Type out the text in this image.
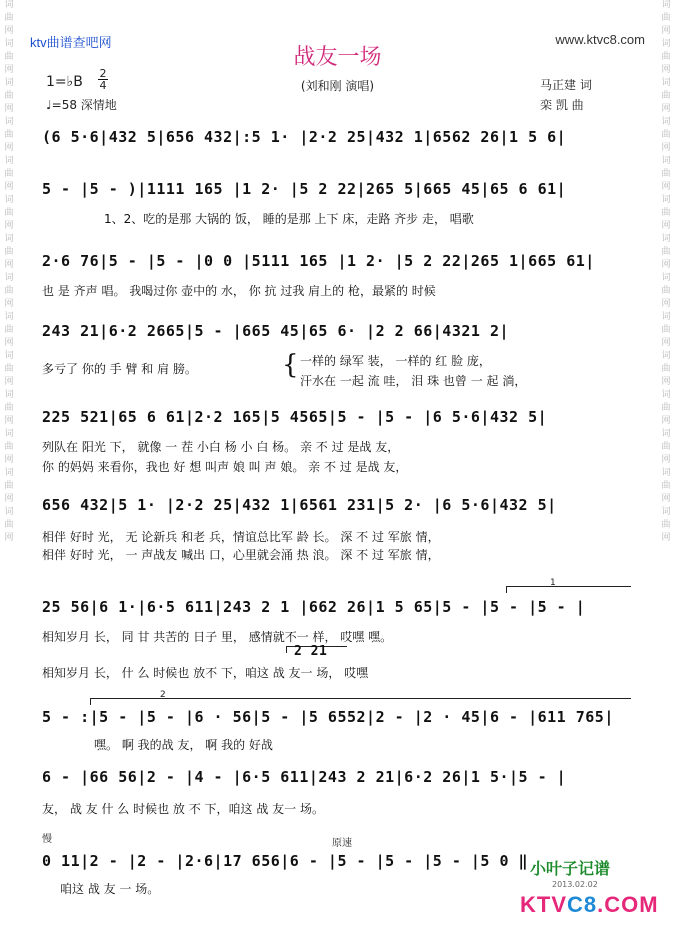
词
曲
网
词
曲
网
词
曲
网
词
曲
网
词
曲
网
词
曲
网
词
曲
网
词
曲
网
词
曲
网
词
曲
网
词
曲
网
词
曲
网
词
曲
网
词
曲
网
词
曲
网
词
曲
网
词
曲
网
词
曲
网
词
曲
网
词
曲
网
词
曲
网
词
曲
网
词
曲
网
词
曲
网
词
曲
网
词
曲
网
词
曲
网
词
曲
网
ktv曲谱查吧网	www.ktvc8.com
战友一场
(刘和刚 演唱)
1=♭B
2
4
♩=58 深情地
马正建 词
栾 凯 曲
(6 5·6|432 5|656 432|:5 1· |2·2 25|432 1|6562 26|1 5 6|
5 - |5 - )|1111 165 |1 2· |5 2 22|265 5|665 45|65 6 61|
1、2、吃的是那 大锅的 饭， 睡的是那 上下 床，走路 齐步 走， 唱歌
2·6 76|5 - |5 - |0 0 |5111 165 |1 2· |5 2 22|265 1|665 61|
也 是 齐声 唱。 我喝过你 壶中的 水， 你 抗 过我 肩上的 枪，最紧的 时候
243 21|6·2 2665|5 - |665 45|65 6· |2 2 66|4321 2|
多亏了 你的 手 臂 和 肩 膀。	{ 一样的 绿军 装， 一样的 红 脸 庞，
汗水在 一起 流 哇， 泪 珠 也曾 一 起 淌，
225 521|65 6 61|2·2 165|5 4565|5 - |5 - |6 5·6|432 5|
列队在 阳光 下， 就像 一 茬 小白 杨 小 白 杨。 亲 不 过 是战 友，
你 的妈妈 来看你，我也 好 想 叫声 娘 叫 声 娘。 亲 不 过 是战 友，
656 432|5 1· |2·2 25|432 1|6561 231|5 2· |6 5·6|432 5|
相伴 好时 光， 无 论新兵 和老 兵，情谊总比军 龄 长。 深 不 过 军旅 情，
相伴 好时 光， 一 声战友 喊出 口，心里就会涌 热 浪。 深 不 过 军旅 情，
1
25 56|6 1·|6·5 611|243 2 1 |662 26|1 5 65|5 - |5 - |5 - |
相知岁月 长， 同 甘 共苦的 日子 里， 感情就不一 样， 哎嘿 嘿。
2 21
相知岁月 长， 什 么 时候也 放不 下，咱这 战 友一 场， 哎嘿
2
5 - :|5 - |5 - |6 · 56|5 - |5 6552|2 - |2 · 45|6 - |611 765|
嘿。 啊 我的战 友， 啊 我的 好战
6 - |66 56|2 - |4 - |6·5 611|243 2 21|6·2 26|1 5·|5 - |
友， 战 友 什 么 时候也 放 不 下，咱这 战 友一 场。
慢	原速
0 11|2 - |2 - |2·6|17 656|6 - |5 - |5 - |5 - |5 0 ‖
咱这 战 友 一 场。
小叶子记谱
2013.02.02
KTVC8.COM
